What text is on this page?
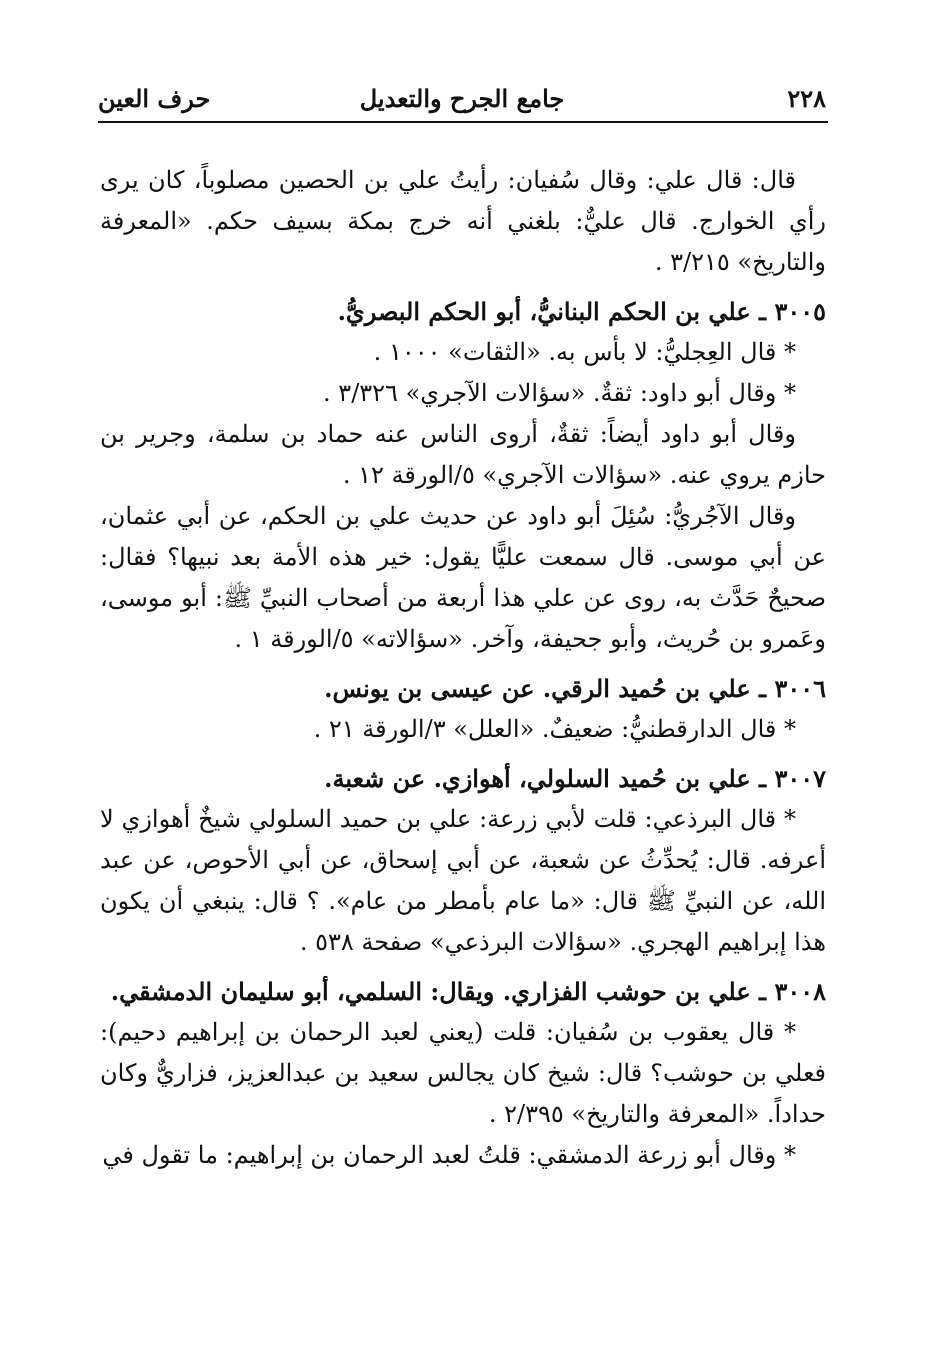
٢٢٨
جامع الجرح والتعديل
حرف العين

قال: قال علي: وقال سُفيان: رأيتُ علي بن الحصين مصلوباً، كان يرى رأي الخوارج. قال عليٌّ: بلغني أنه خرج بمكة بسيف حكم. «المعرفة والتاريخ» ٣/٢١٥ .

٣٠٠٥ ـ علي بن الحكم البنانيُّ، أبو الحكم البصريُّ.

* قال العِجليُّ: لا بأس به. «الثقات» ١٠٠٠ .

* وقال أبو داود: ثقةٌ. «سؤالات الآجري» ٣/٣٢٦ .

وقال أبو داود أيضاً: ثقةٌ، أروى الناس عنه حماد بن سلمة، وجرير بن حازم يروي عنه. «سؤالات الآجري» ٥/الورقة ١٢ .

وقال الآجُريُّ: سُئِلَ أبو داود عن حديث علي بن الحكم، عن أبي عثمان، عن أبي موسى. قال سمعت عليًّا يقول: خير هذه الأمة بعد نبيها؟ فقال: صحيحٌ حَدَّث به، روى عن علي هذا أربعة من أصحاب النبيِّ ﷺ: أبو موسى، وعَمرو بن حُريث، وأبو جحيفة، وآخر. «سؤالاته» ٥/الورقة ١ .

٣٠٠٦ ـ علي بن حُميد الرقي. عن عيسى بن يونس.

* قال الدارقطنيُّ: ضعيفٌ. «العلل» ٣/الورقة ٢١ .

٣٠٠٧ ـ علي بن حُميد السلولي، أهوازي. عن شعبة.

* قال البرذعي: قلت لأبي زرعة: علي بن حميد السلولي شيخٌ أهوازي لا أعرفه. قال: يُحدِّثُ عن شعبة، عن أبي إسحاق، عن أبي الأحوص، عن عبد الله، عن النبيِّ ﷺ قال: «ما عام بأمطر من عام». ؟ قال: ينبغي أن يكون هذا إبراهيم الهجري. «سؤالات البرذعي» صفحة ٥٣٨ .

٣٠٠٨ ـ علي بن حوشب الفزاري. ويقال: السلمي، أبو سليمان الدمشقي.

* قال يعقوب بن سُفيان: قلت (يعني لعبد الرحمان بن إبراهيم دحيم): فعلي بن حوشب؟ قال: شيخ كان يجالس سعيد بن عبدالعزيز، فزاريٌّ وكان حداداً. «المعرفة والتاريخ» ٢/٣٩٥ .

* وقال أبو زرعة الدمشقي: قلتُ لعبد الرحمان بن إبراهيم: ما تقول في
